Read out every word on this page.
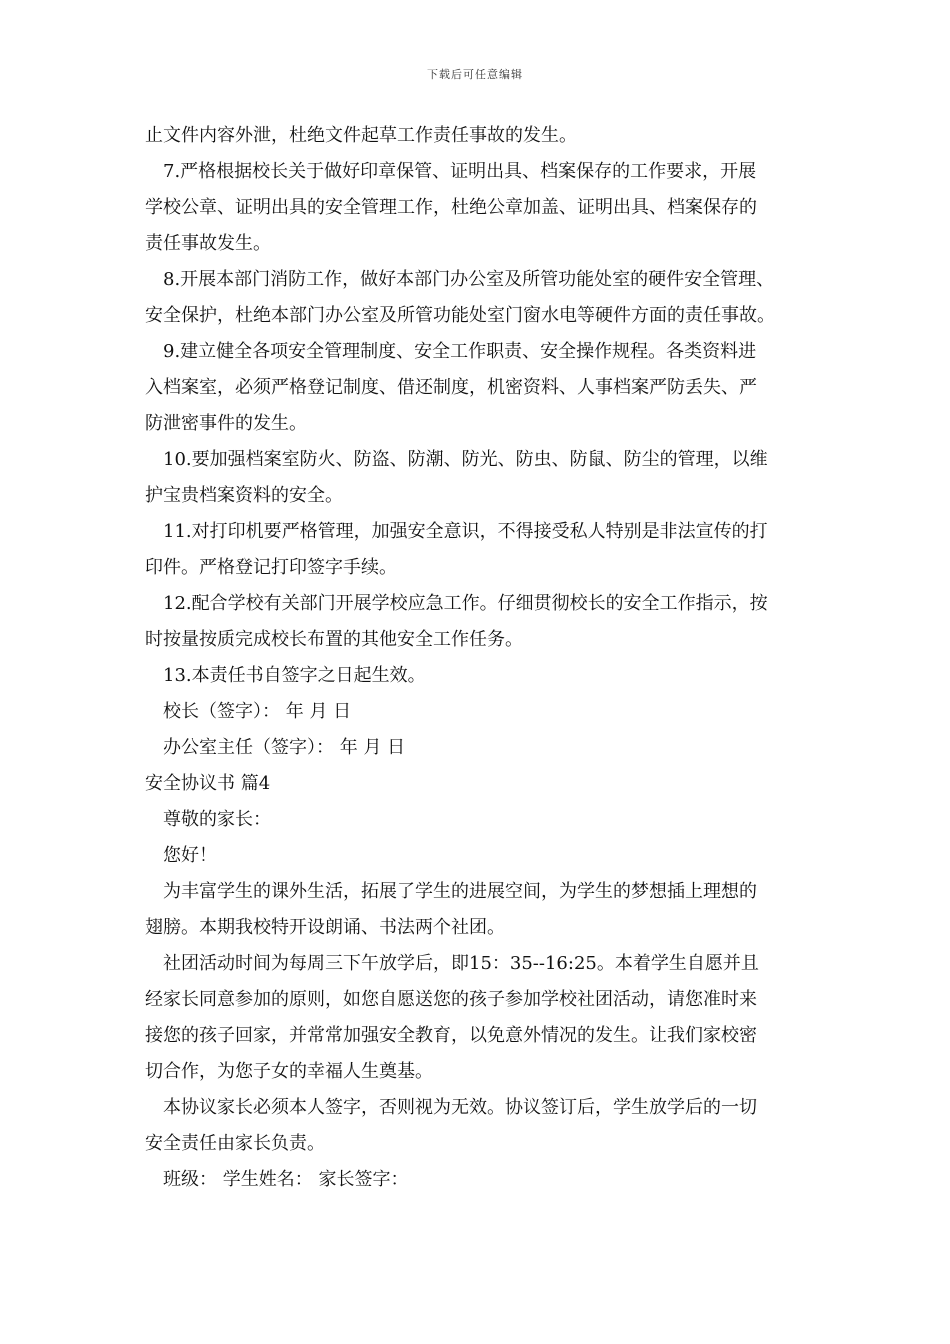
下载后可任意编辑
止文件内容外泄，杜绝文件起草工作责任事故的发生。
7.严格根据校长关于做好印章保管、证明出具、档案保存的工作要求，开展
学校公章、证明出具的安全管理工作，杜绝公章加盖、证明出具、档案保存的
责任事故发生。
8.开展本部门消防工作，做好本部门办公室及所管功能处室的硬件安全管理、
安全保护，杜绝本部门办公室及所管功能处室门窗水电等硬件方面的责任事故。
9.建立健全各项安全管理制度、安全工作职责、安全操作规程。各类资料进
入档案室，必须严格登记制度、借还制度，机密资料、人事档案严防丢失、严
防泄密事件的发生。
10.要加强档案室防火、防盗、防潮、防光、防虫、防鼠、防尘的管理，以维
护宝贵档案资料的安全。
11.对打印机要严格管理，加强安全意识，不得接受私人特别是非法宣传的打
印件。严格登记打印签字手续。
12.配合学校有关部门开展学校应急工作。仔细贯彻校长的安全工作指示，按
时按量按质完成校长布置的其他安全工作任务。
13.本责任书自签字之日起生效。
校长（签字）： 年 月 日
办公室主任（签字）： 年 月 日
安全协议书 篇4
尊敬的家长：
您好！
为丰富学生的课外生活，拓展了学生的进展空间，为学生的梦想插上理想的
翅膀。本期我校特开设朗诵、书法两个社团。
社团活动时间为每周三下午放学后，即15：35--16:25。本着学生自愿并且
经家长同意参加的原则，如您自愿送您的孩子参加学校社团活动，请您准时来
接您的孩子回家，并常常加强安全教育，以免意外情况的发生。让我们家校密
切合作，为您子女的幸福人生奠基。
本协议家长必须本人签字，否则视为无效。协议签订后，学生放学后的一切
安全责任由家长负责。
班级： 学生姓名： 家长签字：
